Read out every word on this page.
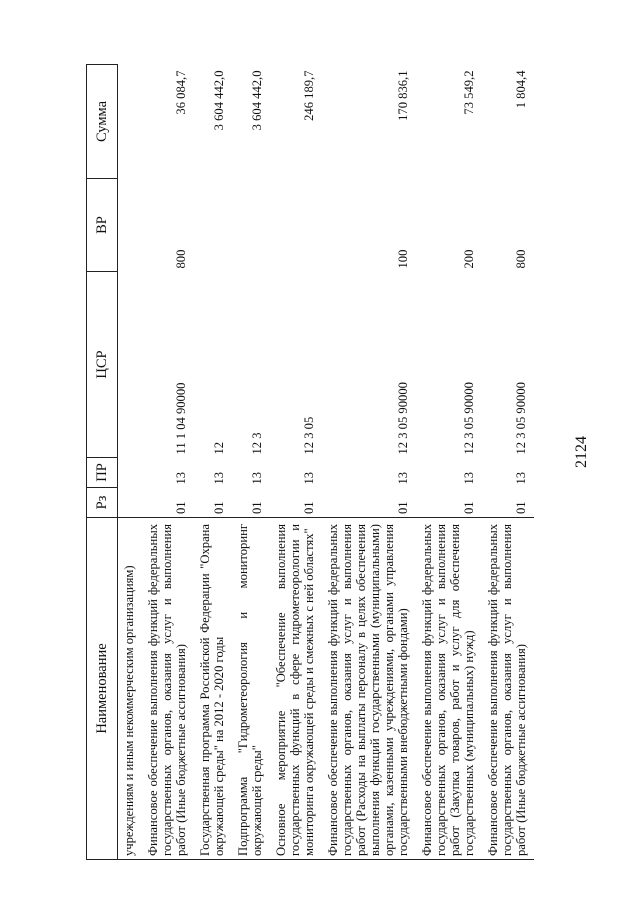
2124
Наименование	Рз	ПР	ЦСР	ВР	Сумма
учреждениям и иным некоммерческим организациям)					
Финансовое обеспечение выполнения функций федеральных государственных органов, оказания услуг и выполнения работ (Иные бюджетные ассигнования)	01	13	11 1 04 90000	800	36 084,7
Государственная программа Российской Федерации "Охрана окружающей среды" на 2012 - 2020 годы	01	13	12		3 604 442,0
Подпрограмма "Гидрометеорология и мониторинг окружающей среды"	01	13	12 3		3 604 442,0
Основное мероприятие "Обеспечение выполнения государственных функций в сфере гидрометеорологии и мониторинга окружающей среды и смежных с ней областях"	01	13	12 3 05		246 189,7
Финансовое обеспечение выполнения функций федеральных государственных органов, оказания услуг и выполнения работ (Расходы на выплаты персоналу в целях обеспечения выполнения функций государственными (муниципальными) органами, казенными учреждениями, органами управления государственными внебюджетными фондами)	01	13	12 3 05 90000	100	170 836,1
Финансовое обеспечение выполнения функций федеральных государственных органов, оказания услуг и выполнения работ (Закупка товаров, работ и услуг для обеспечения государственных (муниципальных) нужд)	01	13	12 3 05 90000	200	73 549,2
Финансовое обеспечение выполнения функций федеральных государственных органов, оказания услуг и выполнения работ (Иные бюджетные ассигнования)	01	13	12 3 05 90000	800	1 804,4
